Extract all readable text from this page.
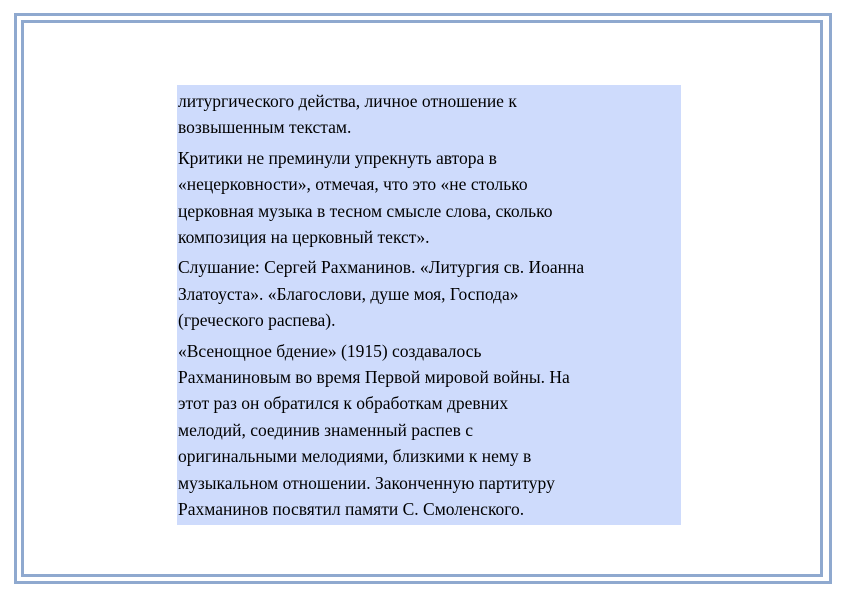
литургического действа, личное отношение к
возвышенным текстам.

Критики не преминули упрекнуть автора в
«нецерковности», отмечая, что это «не столько
церковная музыка в тесном смысле слова, сколько
композиция на церковный текст».

Слушание: Сергей Рахманинов. «Литургия св. Иоанна
Златоуста». «Благослови, душе моя, Господа»
(греческого распева).

«Всенощное бдение» (1915) создавалось
Рахманиновым во время Первой мировой войны. На
этот раз он обратился к обработкам древних
мелодий, соединив знаменный распев с
оригинальными мелодиями, близкими к нему в
музыкальном отношении. Законченную партитуру
Рахманинов посвятил памяти С. Смоленского.
